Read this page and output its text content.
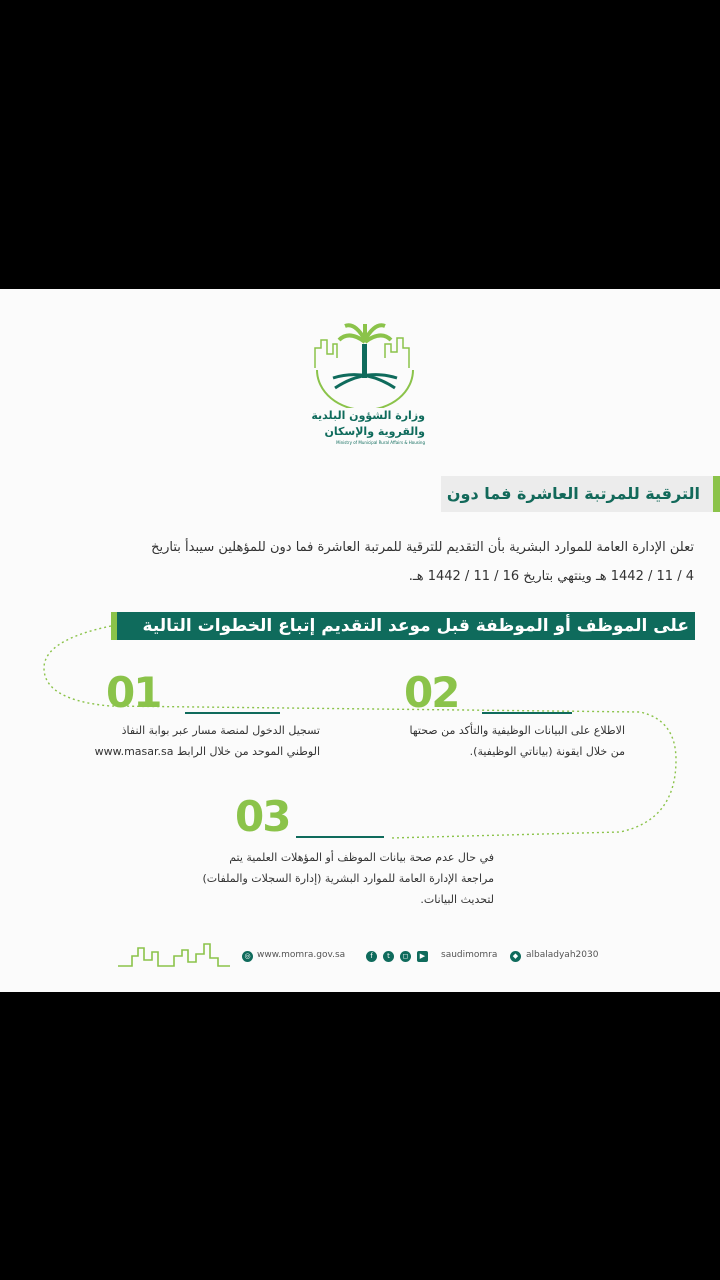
وزارة الشؤون البلدية
والقروية والإسكان
Ministry of Municipal Rural Affairs & Housing
الترقية للمرتبة العاشرة فما دون
تعلن الإدارة العامة للموارد البشرية بأن التقديم للترقية للمرتبة العاشرة فما دون للمؤهلين سيبدأ بتاريخ
4 / 11 / 1442 هـ وينتهي بتاريخ 16 / 11 / 1442 هـ.
على الموظف أو الموظفة قبل موعد التقديم إتباع الخطوات التالية
01
تسجيل الدخول لمنصة مسار عبر بوابة النفاذ
الوطني الموحد من خلال الرابط www.masar.sa
02
الاطلاع على البيانات الوظيفية والتأكد من صحتها
من خلال ايقونة (بياناتي الوظيفية).
03
في حال عدم صحة بيانات الموظف أو المؤهلات العلمية يتم
مراجعة الإدارة العامة للموارد البشرية (إدارة السجلات والملفات)
لتحديث البيانات.
◎ www.momra.gov.sa	f	t	◻	▶	saudimomra	◆ albaladyah2030
